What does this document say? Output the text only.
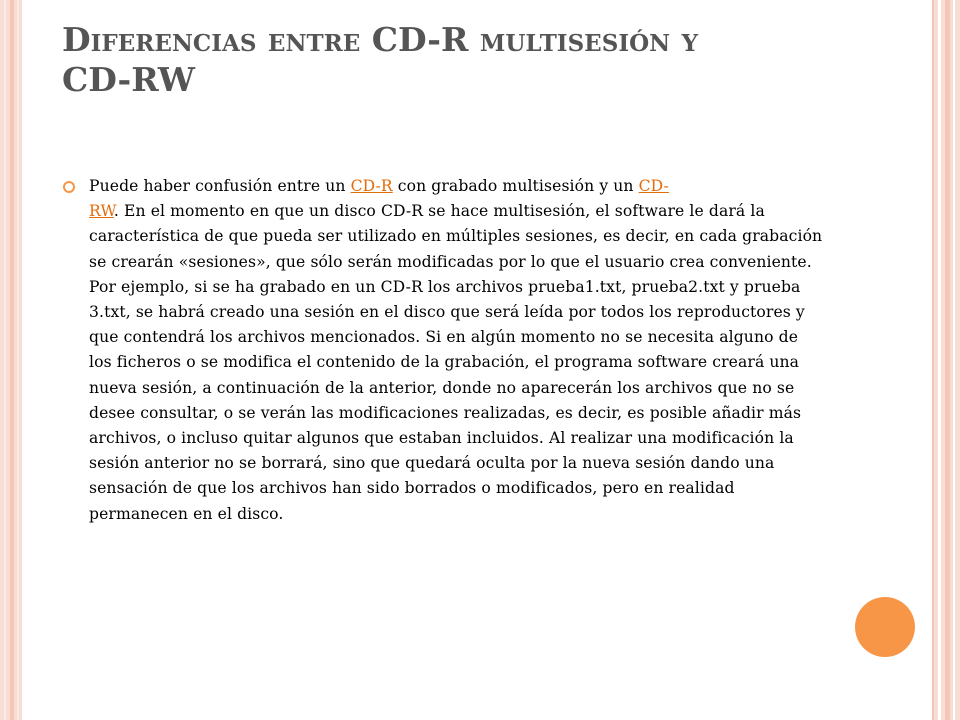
Diferencias entre CD-R multisesión y
CD-RW

Puede haber confusión entre un CD-R con grabado multisesión y un CD-
RW. En el momento en que un disco CD-R se hace multisesión, el software le dará la característica de que pueda ser utilizado en múltiples sesiones, es decir, en cada grabación se crearán «sesiones», que sólo serán modificadas por lo que el usuario crea conveniente. Por ejemplo, si se ha grabado en un CD-R los archivos prueba1.txt, prueba2.txt y prueba 3.txt, se habrá creado una sesión en el disco que será leída por todos los reproductores y que contendrá los archivos mencionados. Si en algún momento no se necesita alguno de los ficheros o se modifica el contenido de la grabación, el programa software creará una nueva sesión, a continuación de la anterior, donde no aparecerán los archivos que no se desee consultar, o se verán las modificaciones realizadas, es decir, es posible añadir más archivos, o incluso quitar algunos que estaban incluidos. Al realizar una modificación la sesión anterior no se borrará, sino que quedará oculta por la nueva sesión dando una sensación de que los archivos han sido borrados o modificados, pero en realidad permanecen en el disco.
